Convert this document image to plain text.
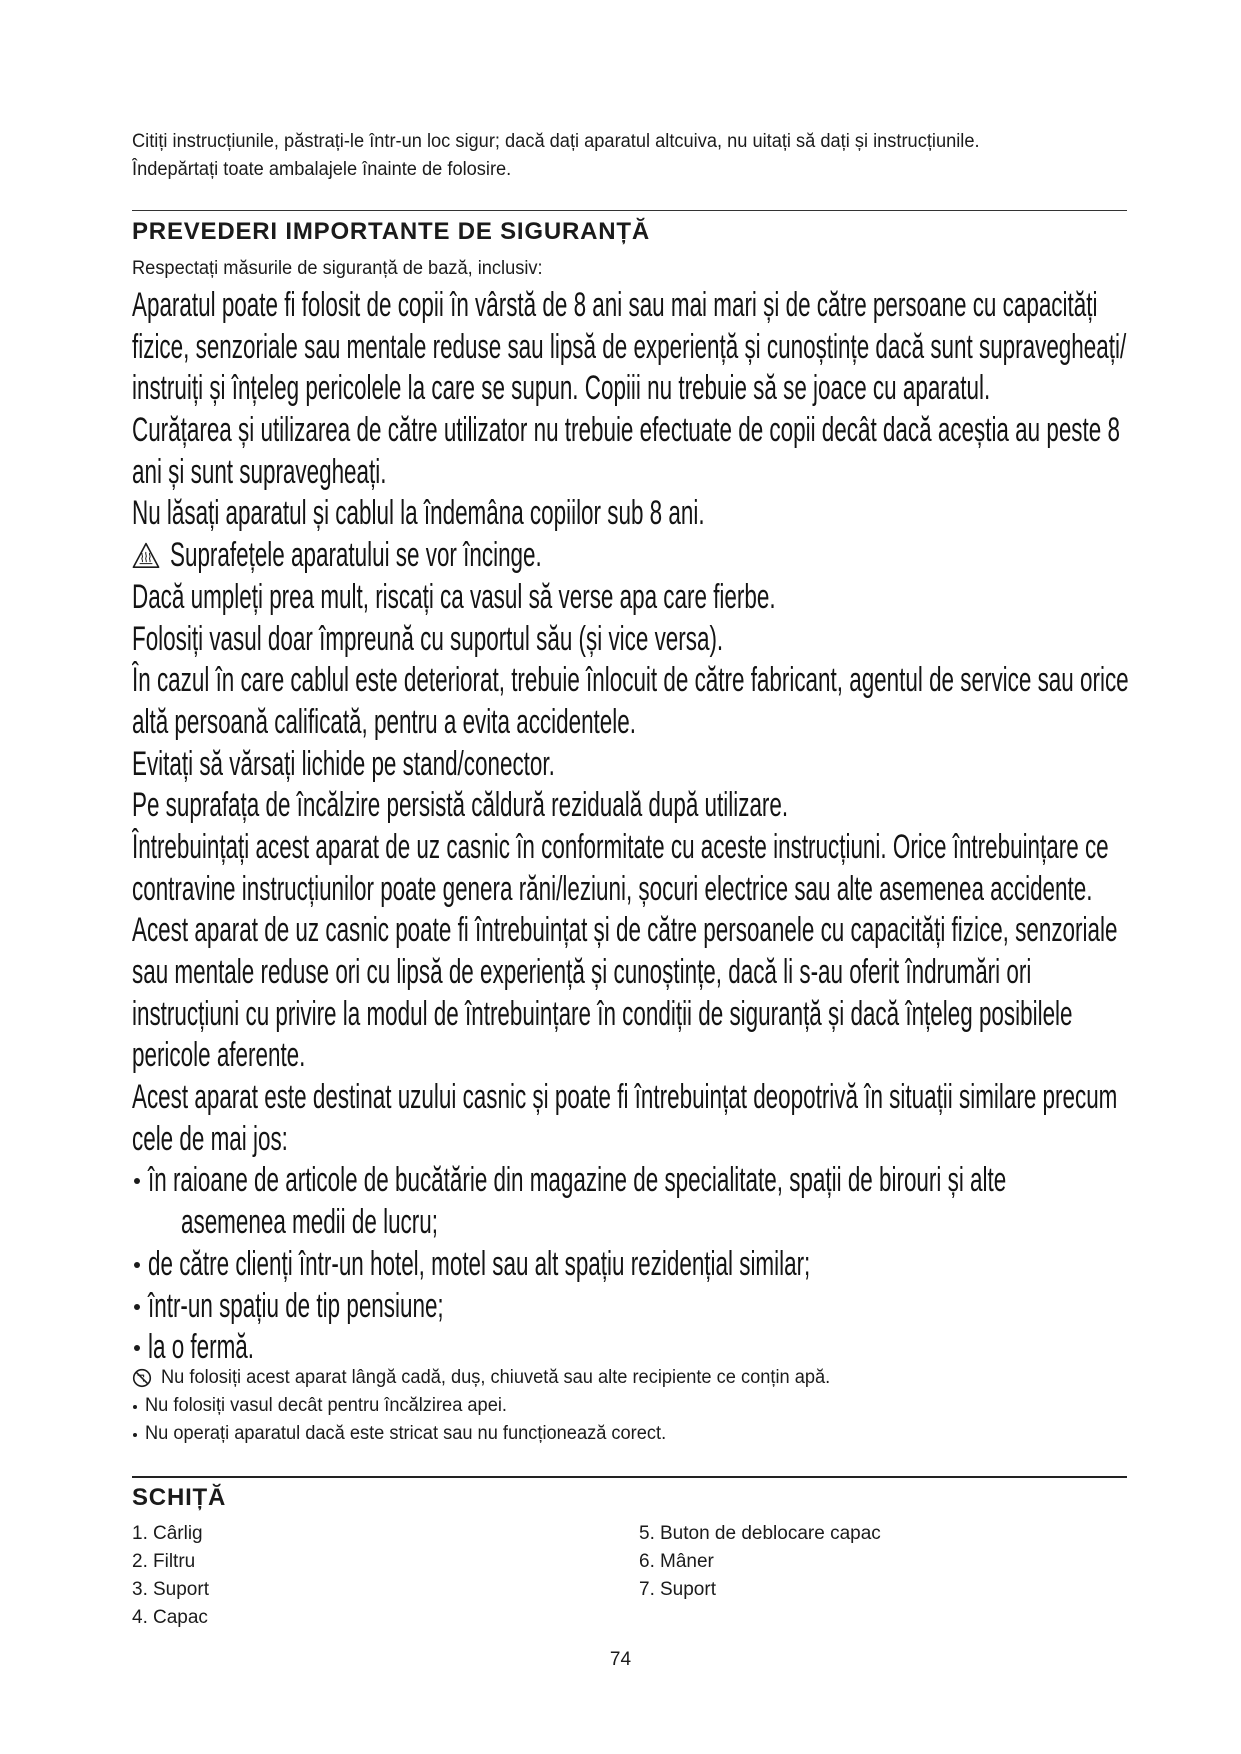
Citiți instrucțiunile, păstrați-le într-un loc sigur; dacă dați aparatul altcuiva, nu uitați să dați și instrucțiunile.
Îndepărtați toate ambalajele înainte de folosire.
PREVEDERI IMPORTANTE DE SIGURANȚĂ
Respectați măsurile de siguranță de bază, inclusiv:
Aparatul poate fi folosit de copii în vârstă de 8 ani sau mai mari și de către persoane cu capacități
fizice, senzoriale sau mentale reduse sau lipsă de experiență și cunoștințe dacă sunt supravegheați/
instruiți și înțeleg pericolele la care se supun. Copiii nu trebuie să se joace cu aparatul.
Curățarea și utilizarea de către utilizator nu trebuie efectuate de copii decât dacă aceștia au peste 8
ani și sunt supravegheați.
Nu lăsați aparatul și cablul la îndemâna copiilor sub 8 ani.
Suprafețele aparatului se vor încinge.
Dacă umpleți prea mult, riscați ca vasul să verse apa care fierbe.
Folosiți vasul doar împreună cu suportul său (și vice versa).
În cazul în care cablul este deteriorat, trebuie înlocuit de către fabricant, agentul de service sau orice
altă persoană calificată, pentru a evita accidentele.
Evitați să vărsați lichide pe stand/conector.
Pe suprafața de încălzire persistă căldură reziduală după utilizare.
Întrebuințați acest aparat de uz casnic în conformitate cu aceste instrucțiuni. Orice întrebuințare ce
contravine instrucțiunilor poate genera răni/leziuni, șocuri electrice sau alte asemenea accidente.
Acest aparat de uz casnic poate fi întrebuințat și de către persoanele cu capacități fizice, senzoriale
sau mentale reduse ori cu lipsă de experiență și cunoștințe, dacă li s-au oferit îndrumări ori
instrucțiuni cu privire la modul de întrebuințare în condiții de siguranță și dacă înțeleg posibilele
pericole aferente.
Acest aparat este destinat uzului casnic și poate fi întrebuințat deopotrivă în situații similare precum
cele de mai jos:
în raioane de articole de bucătărie din magazine de specialitate, spații de birouri și alte
asemenea medii de lucru;
de către clienți într-un hotel, motel sau alt spațiu rezidențial similar;
într-un spațiu de tip pensiune;
la o fermă.
Nu folosiți acest aparat lângă cadă, duș, chiuvetă sau alte recipiente ce conțin apă.
Nu folosiți vasul decât pentru încălzirea apei.
Nu operați aparatul dacă este stricat sau nu funcționează corect.
SCHIȚĂ
1. Cârlig
2. Filtru
3. Suport
4. Capac
5. Buton de deblocare capac
6. Mâner
7. Suport
74
